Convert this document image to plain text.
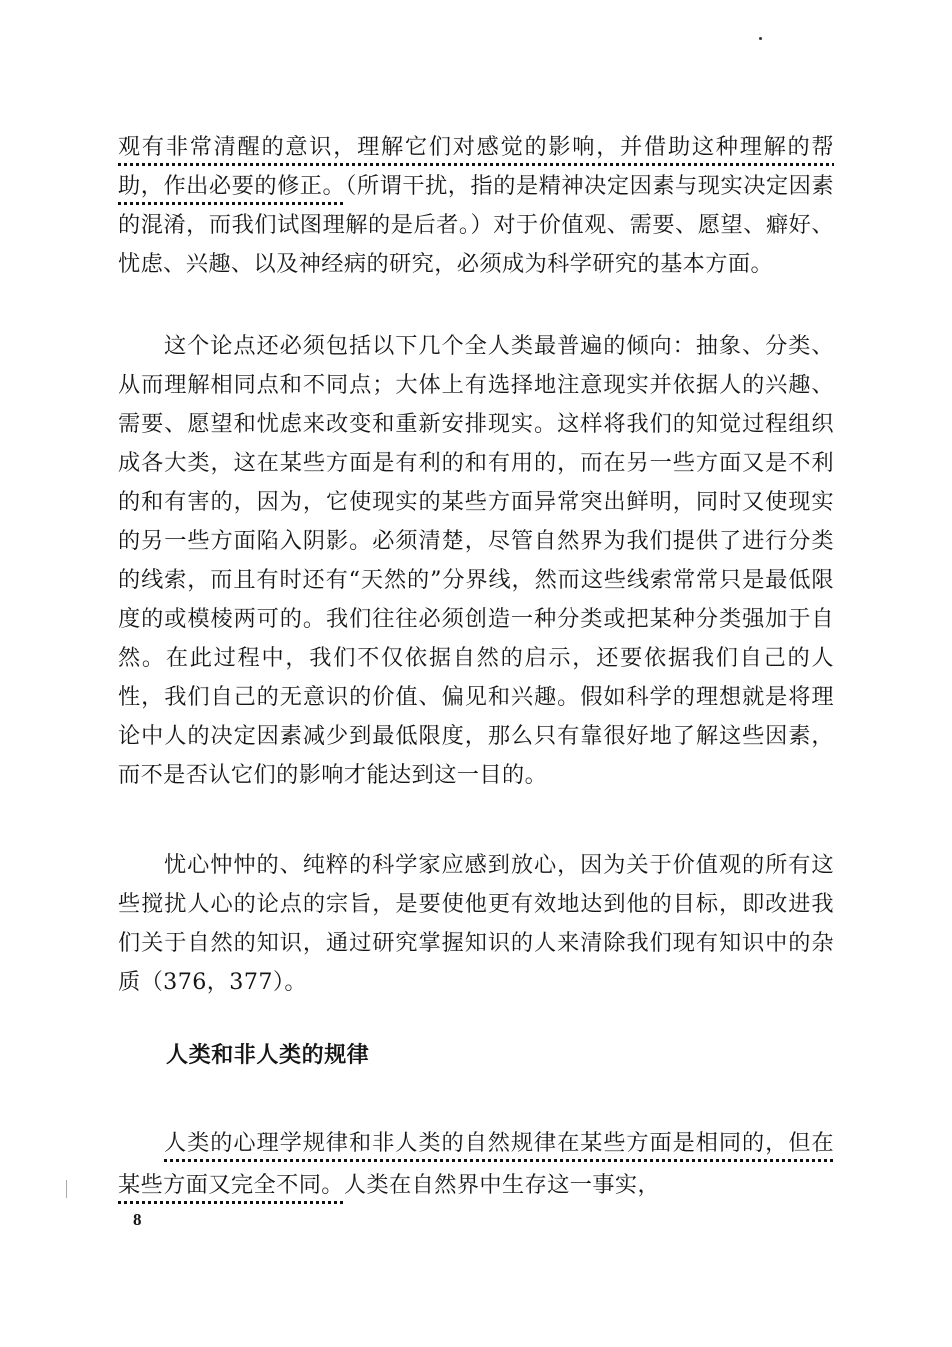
观有非常清醒的意识，理解它们对感觉的影响，并借助这种理解的帮助，作出必要的修正。（所谓干扰，指的是精神决定因素与现实决定因素的混淆，而我们试图理解的是后者。）对于价值观、需要、愿望、癖好、忧虑、兴趣、以及神经病的研究，必须成为科学研究的基本方面。

这个论点还必须包括以下几个全人类最普遍的倾向：抽象、分类、从而理解相同点和不同点；大体上有选择地注意现实并依据人的兴趣、需要、愿望和忧虑来改变和重新安排现实。这样将我们的知觉过程组织成各大类，这在某些方面是有利的和有用的，而在另一些方面又是不利的和有害的，因为，它使现实的某些方面异常突出鲜明，同时又使现实的另一些方面陷入阴影。必须清楚，尽管自然界为我们提供了进行分类的线索，而且有时还有“天然的”分界线，然而这些线索常常只是最低限度的或模棱两可的。我们往往必须创造一种分类或把某种分类强加于自然。在此过程中，我们不仅依据自然的启示，还要依据我们自己的人性，我们自己的无意识的价值、偏见和兴趣。假如科学的理想就是将理论中人的决定因素减少到最低限度，那么只有靠很好地了解这些因素，而不是否认它们的影响才能达到这一目的。

忧心忡忡的、纯粹的科学家应感到放心，因为关于价值观的所有这些搅扰人心的论点的宗旨，是要使他更有效地达到他的目标，即改进我们关于自然的知识，通过研究掌握知识的人来清除我们现有知识中的杂质（376，377）。

人类和非人类的规律

人类的心理学规律和非人类的自然规律在某些方面是相同的，但在某些方面又完全不同。人类在自然界中生存这一事实，

8
